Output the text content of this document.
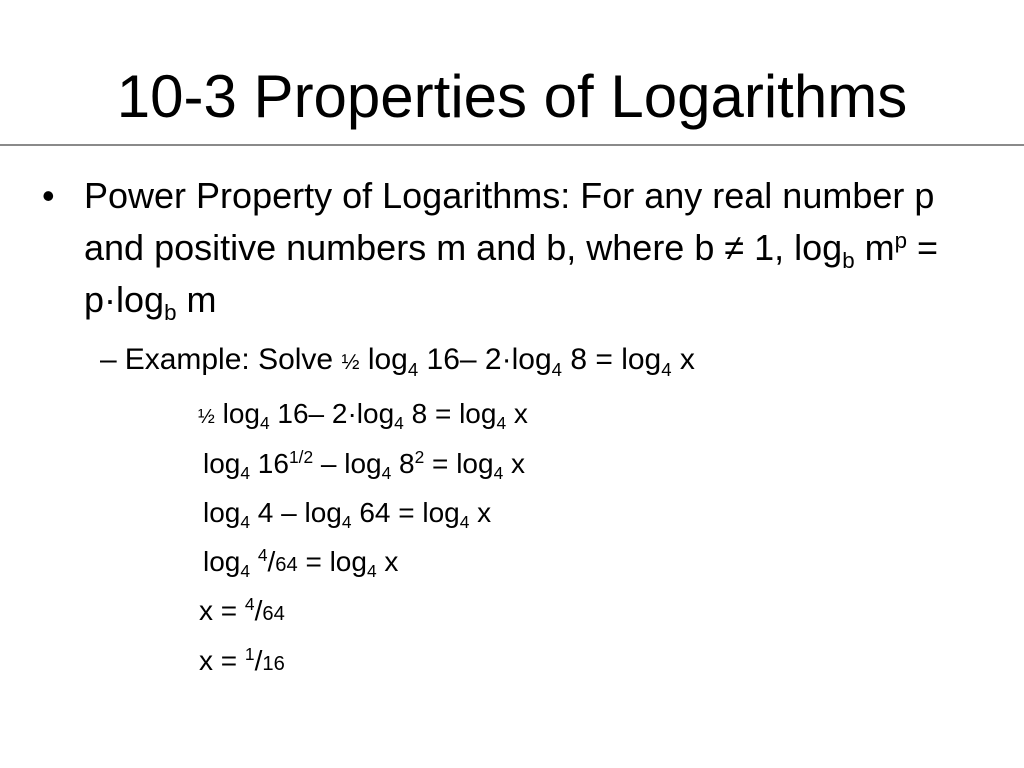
10-3 Properties of Logarithms
• Power Property of Logarithms: For any real number p and positive numbers m and b, where b ≠ 1, $\log_b m^p = p\cdot\log_b$ m
– Example: Solve ½ $\log_4 16-$ $2\cdot\log_4$ $8 = \log_4 x$
½ $\log_4 16-$ $2\cdot\log_4$ $8 = \log_4 x$
$\log_4 16^{1/2} - \log_4 8^2 = \log_4 x$
$\log_4 4 - \log_4 64 = \log_4 x$
$\log_4 ^4/64 = \log_4 x$
x = $^4$/64
x = $^1$/16
